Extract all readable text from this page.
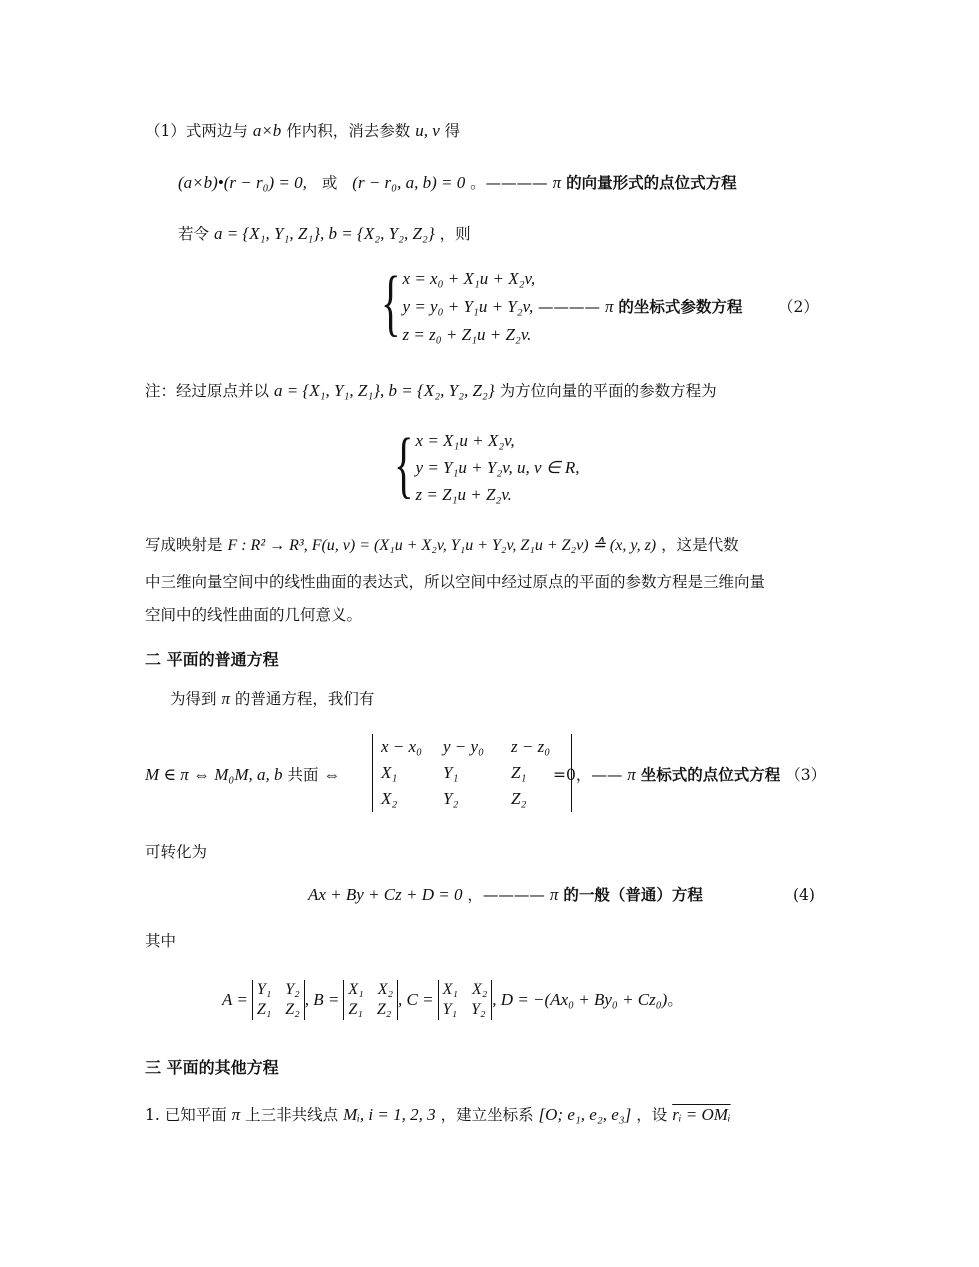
（1）式两边与 a×b 作内积，消去参数 u, v 得
(a×b)•(r − r₀) = 0, 或 (r − r₀, a, b) = 0 。———— π 的向量形式的点位式方程
若令 a = {X₁, Y₁, Z₁}, b = {X₂, Y₂, Z₂} ，则
{ x = x₀ + X₁u + X₂v,
y = y₀ + Y₁u + Y₂v,
z = z₀ + Z₁u + Z₂v.
———— π 的坐标式参数方程 （2）
注：经过原点并以 a = {X₁, Y₁, Z₁}, b = {X₂, Y₂, Z₂} 为方位向量的平面的参数方程为
{ x = X₁u + X₂v,
y = Y₁u + Y₂v, u, v ∈ R,
z = Z₁u + Z₂v.
写成映射是 F : R² → R³, F(u, v) = (X₁u + X₂v, Y₁u + Y₂v, Z₁u + Z₂v) ≙ (x, y, z) ，这是代数
中三维向量空间中的线性曲面的表达式，所以空间中经过原点的平面的参数方程是三维向量
空间中的线性曲面的几何意义。
二 平面的普通方程
为得到 π 的普通方程，我们有
M ∈ π ⇔ M₀M, a, b 共面 ⇔
x − x₀	y − y₀	z − z₀
X₁	Y₁	Z₁
X₂	Y₂	Z₂
=0，—— π 坐标式的点位式方程 （3）
可转化为
Ax + By + Cz + D = 0 ，———— π 的一般（普通）方程	(4)
其中
A =
Y₁ Y₂
Z₁ Z₂
, B =
X₁ X₂
Z₁ Z₂
, C =
X₁ X₂
Y₁ Y₂
, D = −(Ax₀ + By₀ + Cz₀) 。
三 平面的其他方程
1. 已知平面 π 上三非共线点 Mᵢ, i = 1, 2, 3 ，建立坐标系 [O; e₁, e₂, e₃] ，设 rᵢ = OMᵢ
